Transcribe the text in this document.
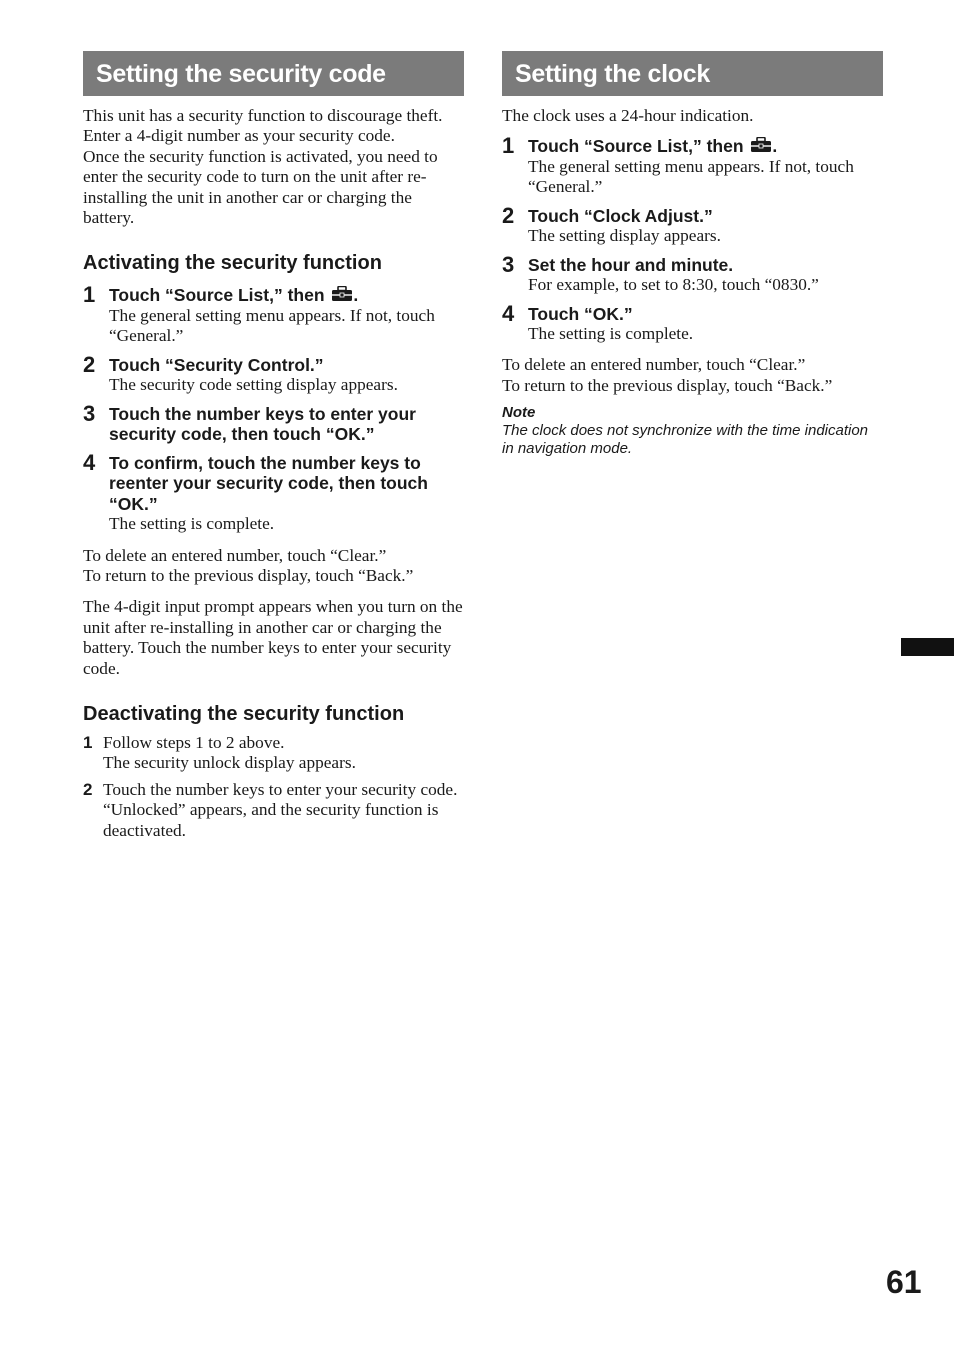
Setting the security code

This unit has a security function to discourage theft. Enter a 4-digit number as your security code.

Once the security function is activated, you need to enter the security code to turn on the unit after re-installing the unit in another car or charging the battery.

Activating the security function

1 Touch “Source List,” then .
The general setting menu appears. If not, touch “General.”
2 Touch “Security Control.”
The security code setting display appears.
3 Touch the number keys to enter your security code, then touch “OK.”
4 To confirm, touch the number keys to reenter your security code, then touch “OK.”
The setting is complete.

To delete an entered number, touch “Clear.”

To return to the previous display, touch “Back.”

The 4-digit input prompt appears when you turn on the unit after re-installing in another car or charging the battery. Touch the number keys to enter your security code.

Deactivating the security function

1 Follow steps 1 to 2 above.

The security unlock display appears.

2 Touch the number keys to enter your security code.

“Unlocked” appears, and the security function is deactivated.

Setting the clock

The clock uses a 24-hour indication.

1 Touch “Source List,” then .
The general setting menu appears. If not, touch “General.”
2 Touch “Clock Adjust.”
The setting display appears.
3 Set the hour and minute.
For example, to set to 8:30, touch “0830.”
4 Touch “OK.”
The setting is complete.

To delete an entered number, touch “Clear.”

To return to the previous display, touch “Back.”

Note

The clock does not synchronize with the time indication in navigation mode.

61
